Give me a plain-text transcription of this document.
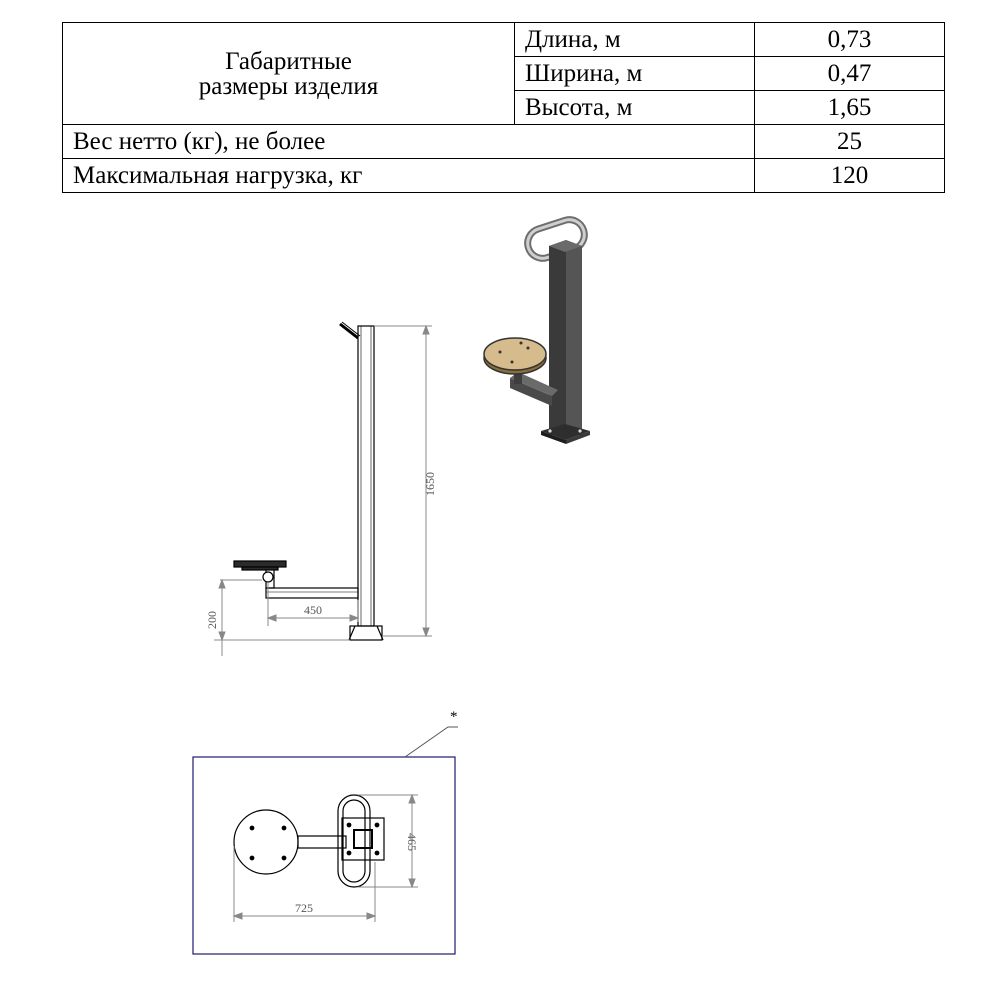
Габаритные
размеры изделия	Длина, м	0,73
	Ширина, м	0,47
	Высота, м	1,65
Вес нетто (кг), не более		25
Максимальная нагрузка, кг		120
1650
450
200
*
725
465
